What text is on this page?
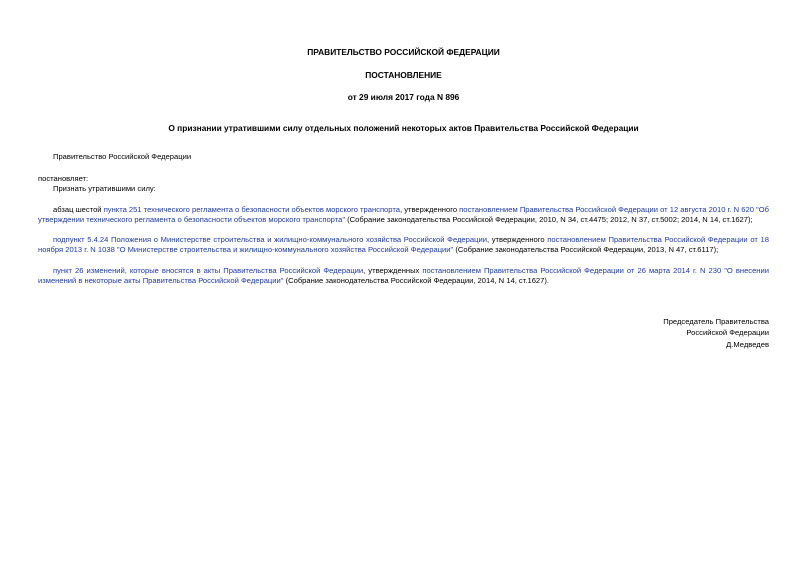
ПРАВИТЕЛЬСТВО РОССИЙСКОЙ ФЕДЕРАЦИИ
ПОСТАНОВЛЕНИЕ
от 29 июля 2017 года N 896
О признании утратившими силу отдельных положений некоторых актов Правительства Российской Федерации

Правительство Российской Федерации

постановляет:

Признать утратившими силу:

абзац шестой пункта 251 технического регламента о безопасности объектов морского транспорта, утвержденного постановлением Правительства Российской Федерации от 12 августа 2010 г. N 620 "Об утверждении технического регламента о безопасности объектов морского транспорта" (Собрание законодательства Российской Федерации, 2010, N 34, ст.4475; 2012, N 37, ст.5002; 2014, N 14, ст.1627);

подпункт 5.4.24 Положения о Министерстве строительства и жилищно-коммунального хозяйства Российской Федерации, утвержденного постановлением Правительства Российской Федерации от 18 ноября 2013 г. N 1038 "О Министерстве строительства и жилищно-коммунального хозяйства Российской Федерации" (Собрание законодательства Российской Федерации, 2013, N 47, ст.6117);

пункт 26 изменений, которые вносятся в акты Правительства Российской Федерации, утвержденных постановлением Правительства Российской Федерации от 26 марта 2014 г. N 230 "О внесении изменений в некоторые акты Правительства Российской Федерации" (Собрание законодательства Российской Федерации, 2014, N 14, ст.1627).

Председатель Правительства
Российской Федерации
Д.Медведев
